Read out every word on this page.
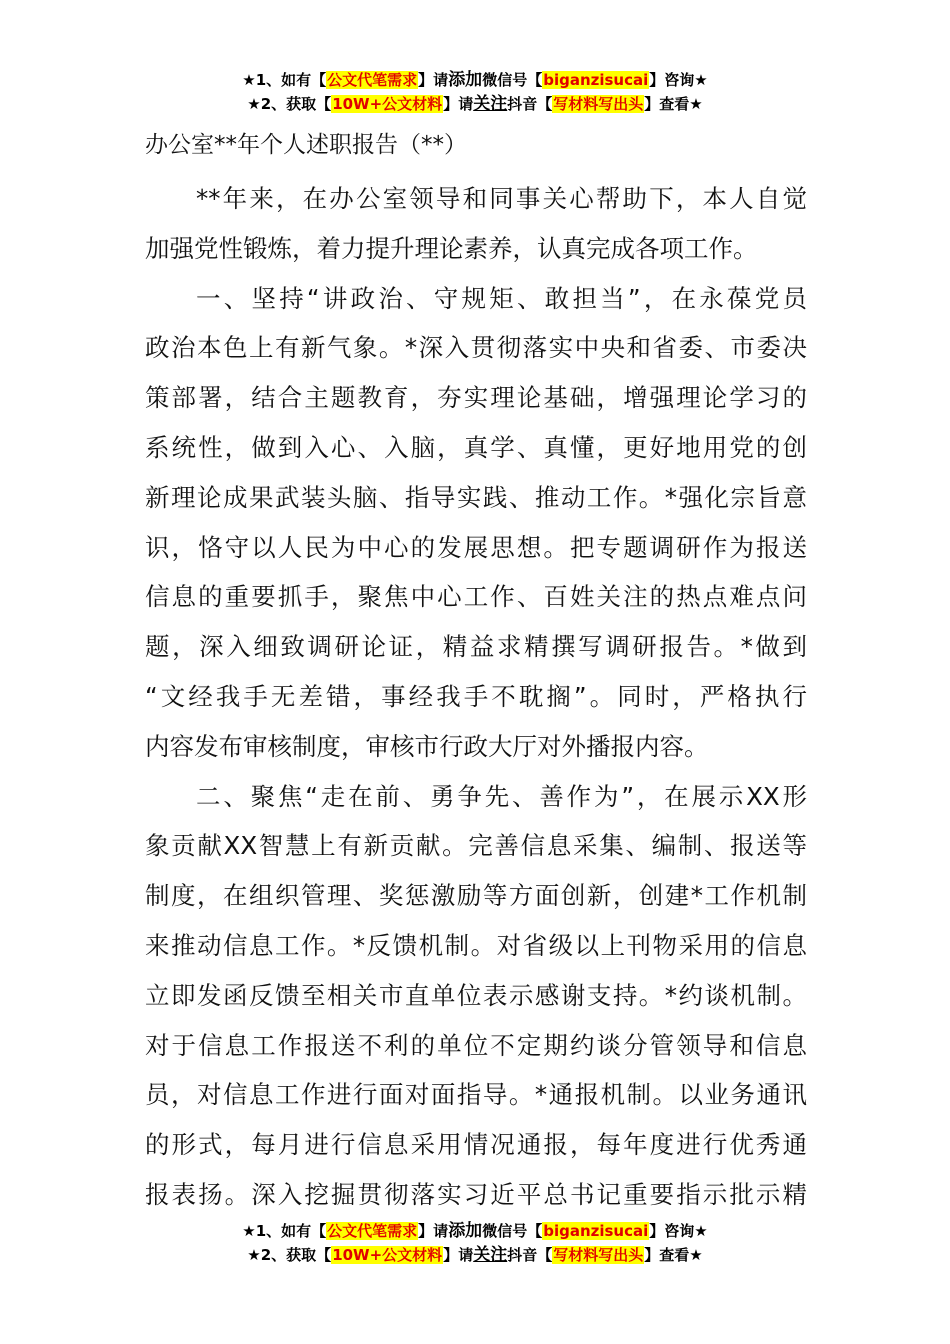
★1、如有【公文代笔需求】请添加微信号【biganzisucai】咨询★
★2、获取【10W+公文材料】请关注抖音【写材料写出头】查看★
办公室**年个人述职报告（**）
**年来，在办公室领导和同事关心帮助下，本人自觉
加强党性锻炼，着力提升理论素养，认真完成各项工作。
一、坚持“讲政治、守规矩、敢担当”，在永葆党员
政治本色上有新气象。*深入贯彻落实中央和省委、市委决
策部署，结合主题教育，夯实理论基础，增强理论学习的
系统性，做到入心、入脑，真学、真懂，更好地用党的创
新理论成果武装头脑、指导实践、推动工作。*强化宗旨意
识，恪守以人民为中心的发展思想。把专题调研作为报送
信息的重要抓手，聚焦中心工作、百姓关注的热点难点问
题，深入细致调研论证，精益求精撰写调研报告。*做到
“文经我手无差错，事经我手不耽搁”。同时，严格执行
内容发布审核制度，审核市行政大厅对外播报内容。
二、聚焦“走在前、勇争先、善作为”，在展示XX形
象贡献XX智慧上有新贡献。完善信息采集、编制、报送等
制度，在组织管理、奖惩激励等方面创新，创建*工作机制
来推动信息工作。*反馈机制。对省级以上刊物采用的信息
立即发函反馈至相关市直单位表示感谢支持。*约谈机制。
对于信息工作报送不利的单位不定期约谈分管领导和信息
员，对信息工作进行面对面指导。*通报机制。以业务通讯
的形式，每月进行信息采用情况通报，每年度进行优秀通
报表扬。深入挖掘贯彻落实习近平总书记重要指示批示精
★1、如有【公文代笔需求】请添加微信号【biganzisucai】咨询★
★2、获取【10W+公文材料】请关注抖音【写材料写出头】查看★
